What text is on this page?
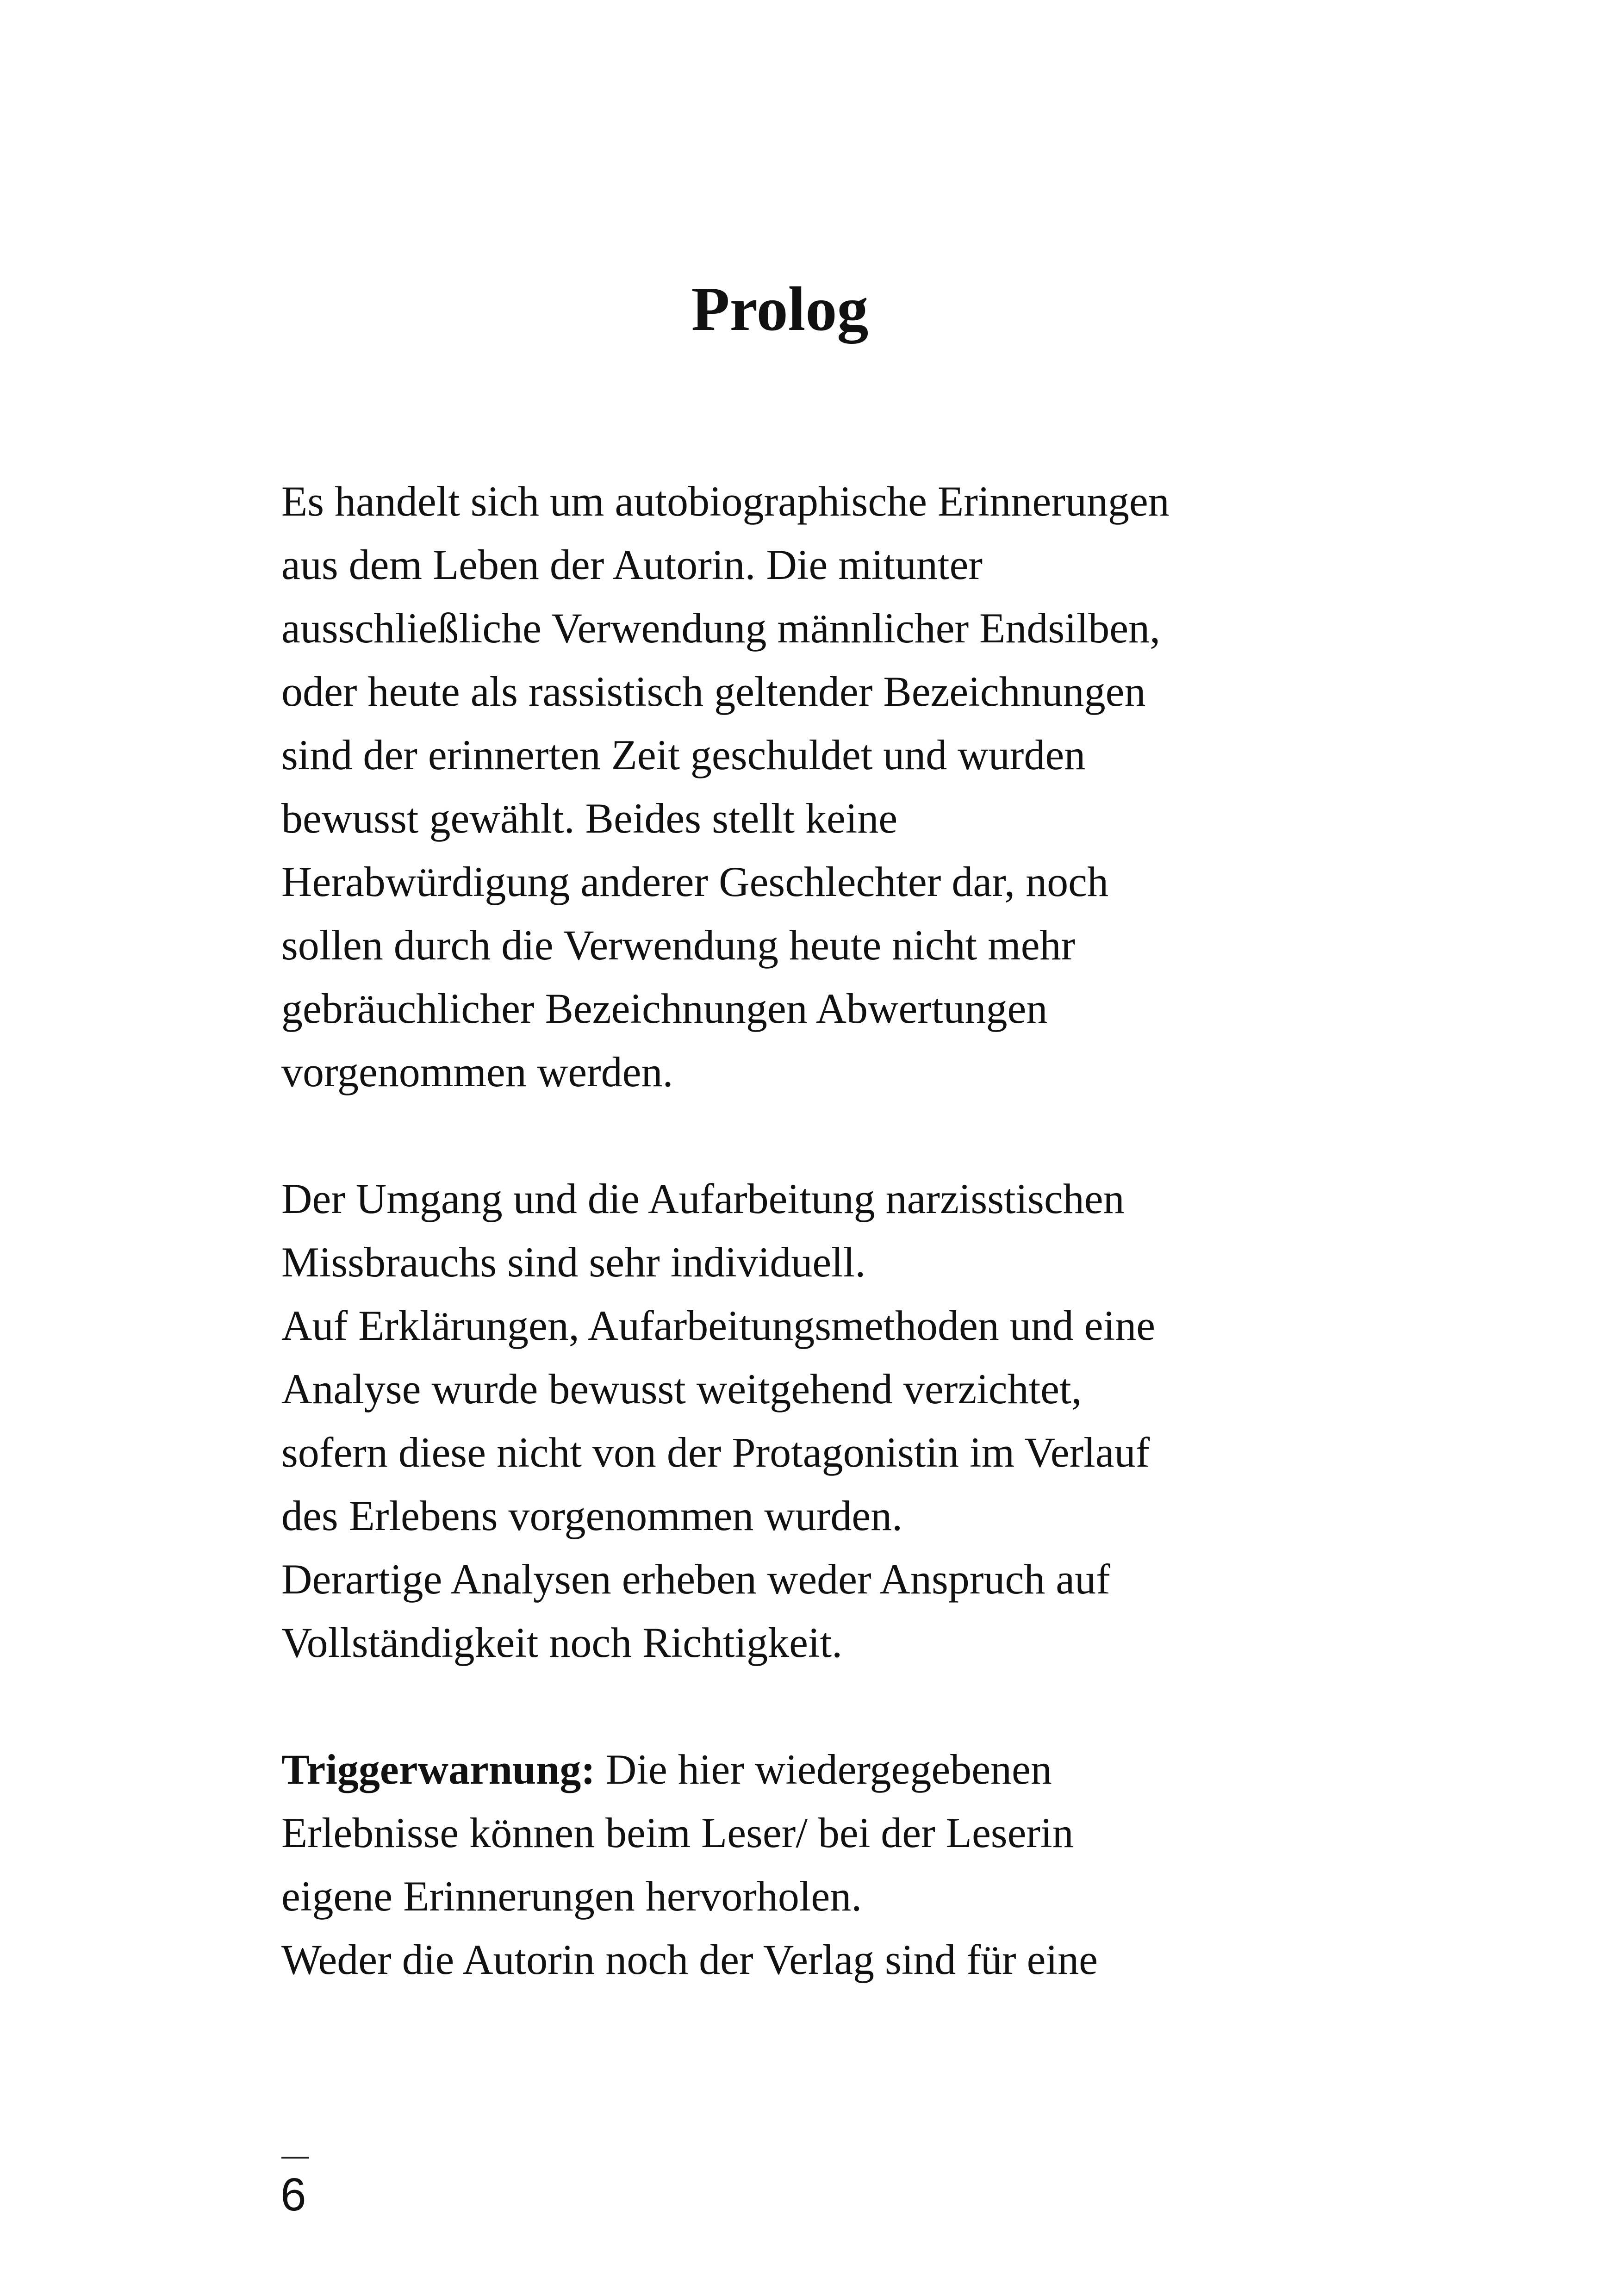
Prolog

Es handelt sich um autobiographische Erinnerungen
aus dem Leben der Autorin. Die mitunter
ausschließliche Verwendung männlicher Endsilben,
oder heute als rassistisch geltender Bezeichnungen
sind der erinnerten Zeit geschuldet und wurden
bewusst gewählt. Beides stellt keine
Herabwürdigung anderer Geschlechter dar, noch
sollen durch die Verwendung heute nicht mehr
gebräuchlicher Bezeichnungen Abwertungen
vorgenommen werden.

Der Umgang und die Aufarbeitung narzisstischen
Missbrauchs sind sehr individuell.
Auf Erklärungen, Aufarbeitungsmethoden und eine
Analyse wurde bewusst weitgehend verzichtet,
sofern diese nicht von der Protagonistin im Verlauf
des Erlebens vorgenommen wurden.
Derartige Analysen erheben weder Anspruch auf
Vollständigkeit noch Richtigkeit.

Triggerwarnung: Die hier wiedergegebenen
Erlebnisse können beim Leser/ bei der Leserin
eigene Erinnerungen hervorholen.
Weder die Autorin noch der Verlag sind für eine

6
